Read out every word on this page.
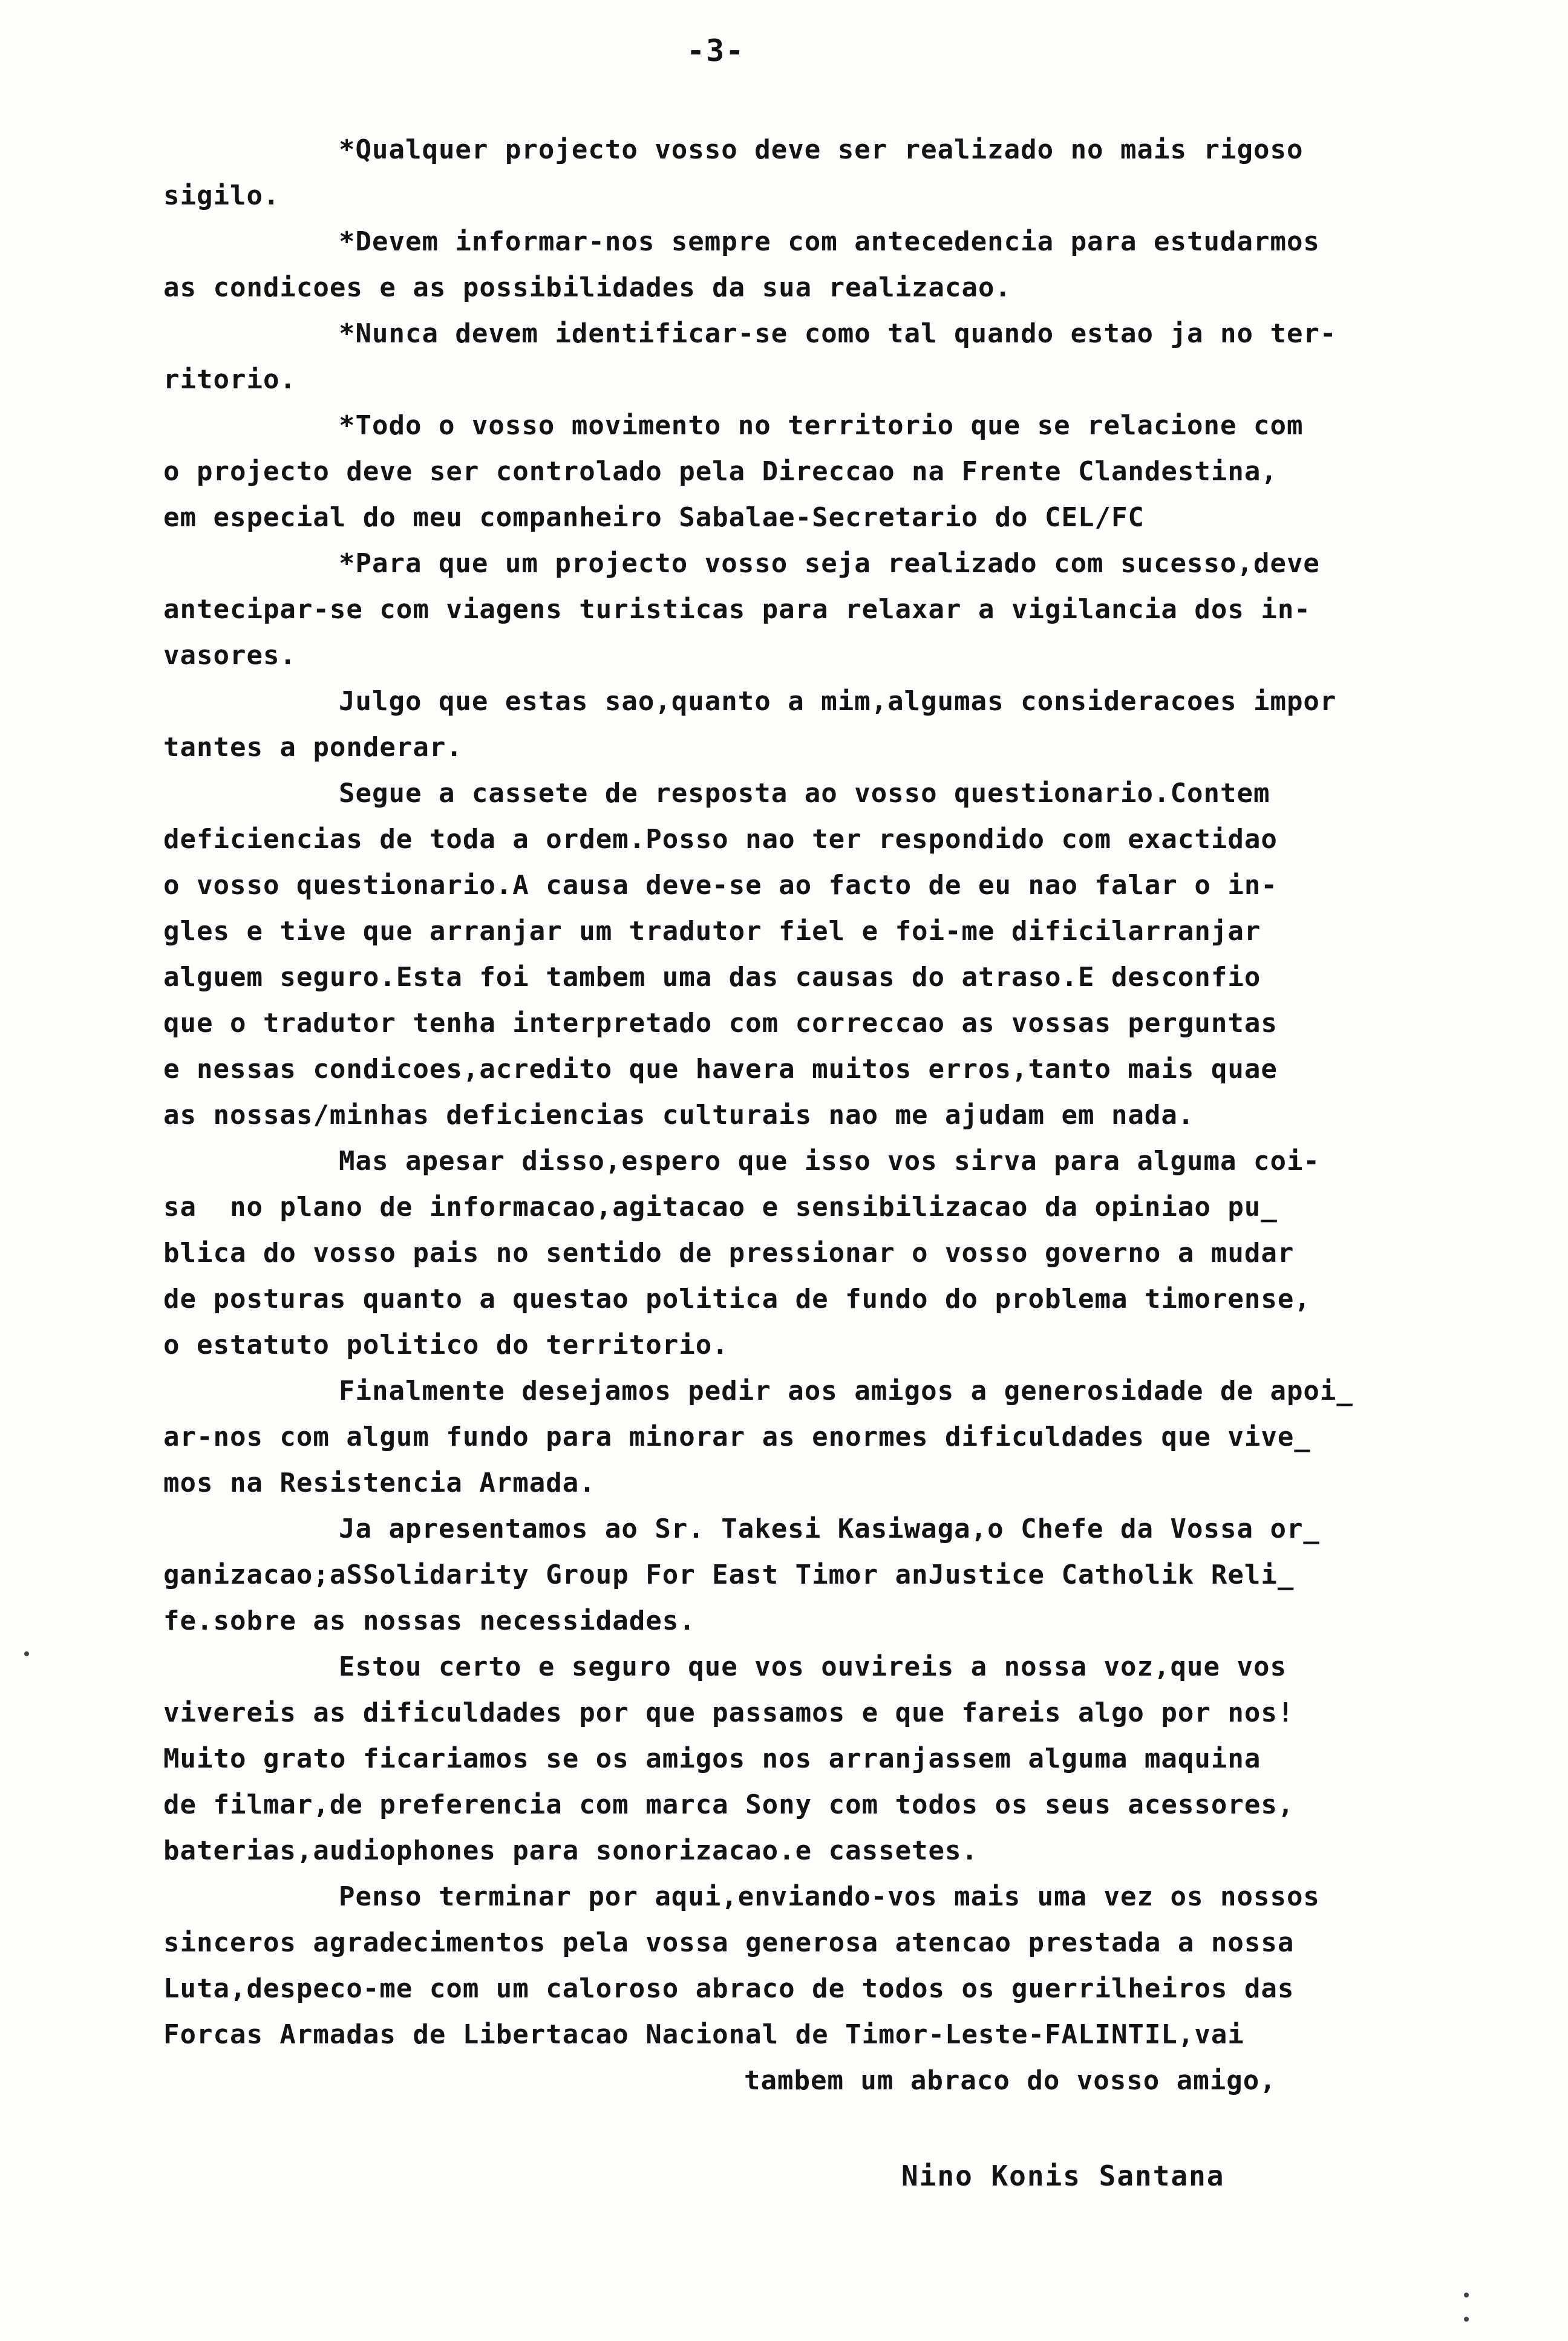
-3-
*Qualquer projecto vosso deve ser realizado no mais rigoso
sigilo.
*Devem informar-nos sempre com antecedencia para estudarmos
as condicoes e as possibilidades da sua realizacao.
*Nunca devem identificar-se como tal quando estao ja no ter-
ritorio.
*Todo o vosso movimento no territorio que se relacione com
o projecto deve ser controlado pela Direccao na Frente Clandestina,
em especial do meu companheiro Sabalae-Secretario do CEL/FC
*Para que um projecto vosso seja realizado com sucesso,deve
antecipar-se com viagens turisticas para relaxar a vigilancia dos in-
vasores.
Julgo que estas sao,quanto a mim,algumas consideracoes impor
tantes a ponderar.
Segue a cassete de resposta ao vosso questionario.Contem
deficiencias de toda a ordem.Posso nao ter respondido com exactidao
o vosso questionario.A causa deve-se ao facto de eu nao falar o in-
gles e tive que arranjar um tradutor fiel e foi-me dificilarranjar
alguem seguro.Esta foi tambem uma das causas do atraso.E desconfio
que o tradutor tenha interpretado com correccao as vossas perguntas
e nessas condicoes,acredito que havera muitos erros,tanto mais quae
as nossas/minhas deficiencias culturais nao me ajudam em nada.
Mas apesar disso,espero que isso vos sirva para alguma coi-
sa  no plano de informacao,agitacao e sensibilizacao da opiniao pu_
blica do vosso pais no sentido de pressionar o vosso governo a mudar
de posturas quanto a questao politica de fundo do problema timorense,
o estatuto politico do territorio.
Finalmente desejamos pedir aos amigos a generosidade de apoi_
ar-nos com algum fundo para minorar as enormes dificuldades que vive_
mos na Resistencia Armada.
Ja apresentamos ao Sr. Takesi Kasiwaga,o Chefe da Vossa or_
ganizacao;aSSolidarity Group For East Timor anJustice Catholik Reli_
fe.sobre as nossas necessidades.
Estou certo e seguro que vos ouvireis a nossa voz,que vos
vivereis as dificuldades por que passamos e que fareis algo por nos!
Muito grato ficariamos se os amigos nos arranjassem alguma maquina
de filmar,de preferencia com marca Sony com todos os seus acessores,
baterias,audiophones para sonorizacao.e cassetes.
Penso terminar por aqui,enviando-vos mais uma vez os nossos
sinceros agradecimentos pela vossa generosa atencao prestada a nossa
Luta,despeco-me com um caloroso abraco de todos os guerrilheiros das
Forcas Armadas de Libertacao Nacional de Timor-Leste-FALINTIL,vai
tambem um abraco do vosso amigo,
Nino Konis Santana
